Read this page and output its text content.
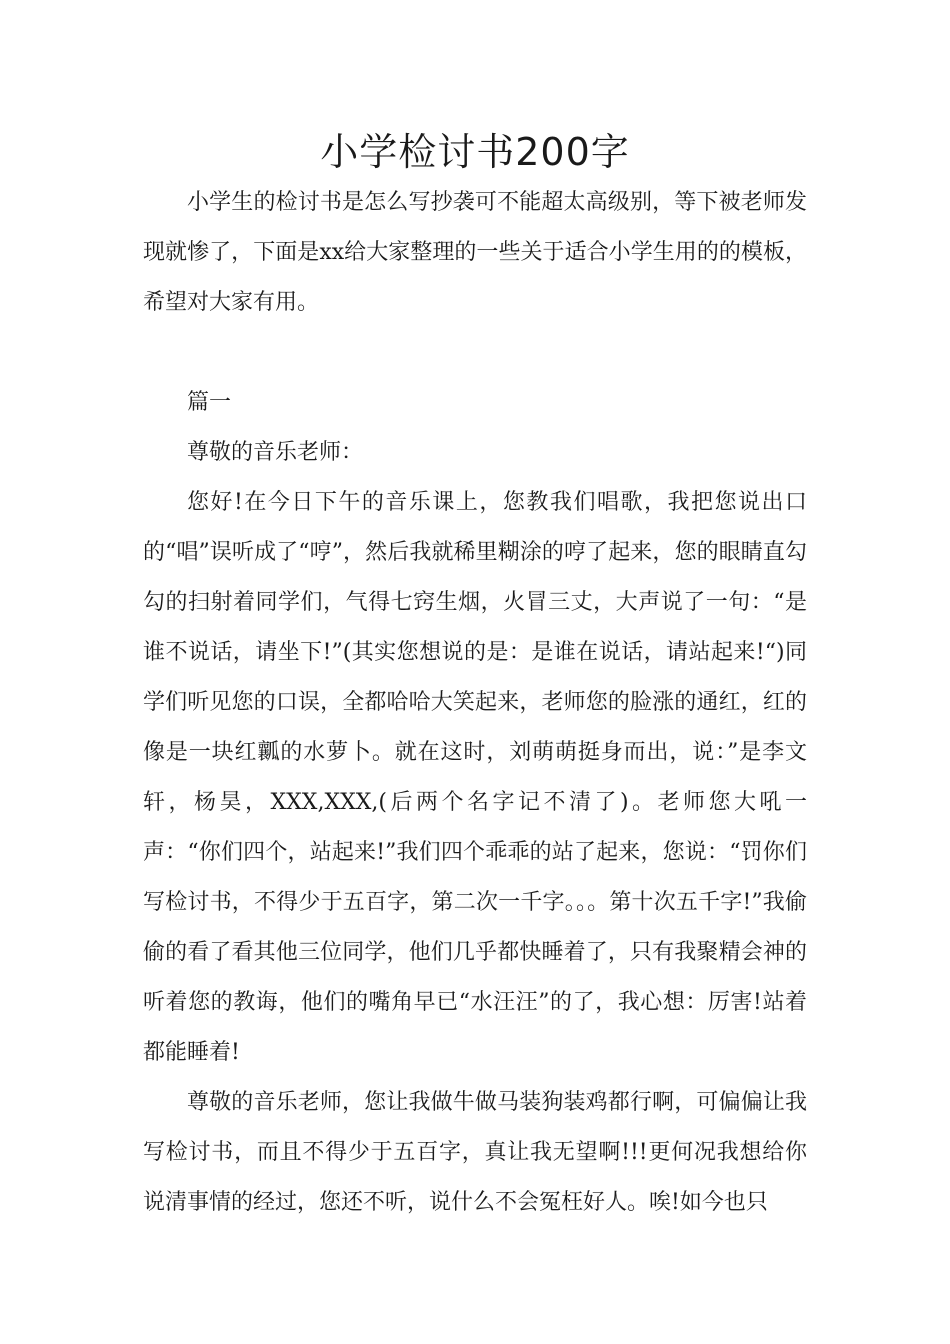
小学检讨书200字

小学生的检讨书是怎么写抄袭可不能超太高级别，等下被老师发现就惨了，下面是xx给大家整理的一些关于适合小学生用的的模板，希望对大家有用。

篇一

尊敬的音乐老师：

您好!在今日下午的音乐课上，您教我们唱歌，我把您说出口的“唱”误听成了“哼”，然后我就稀里糊涂的哼了起来，您的眼睛直勾勾的扫射着同学们，气得七窍生烟，火冒三丈，大声说了一句：“是谁不说话，请坐下!”(其实您想说的是：是谁在说话，请站起来!“)同学们听见您的口误，全都哈哈大笑起来，老师您的脸涨的通红，红的像是一块红瓤的水萝卜。就在这时，刘萌萌挺身而出，说：”是李文轩，杨昊，XXX,XXX,(后两个名字记不清了)。老师您大吼一声：“你们四个，站起来!”我们四个乖乖的站了起来，您说：“罚你们写检讨书，不得少于五百字，第二次一千字。。。第十次五千字!”我偷偷的看了看其他三位同学，他们几乎都快睡着了，只有我聚精会神的听着您的教诲，他们的嘴角早已“水汪汪”的了，我心想：厉害!站着都能睡着!

尊敬的音乐老师，您让我做牛做马装狗装鸡都行啊，可偏偏让我写检讨书，而且不得少于五百字，真让我无望啊!!!更何况我想给你说清事情的经过，您还不听，说什么不会冤枉好人。唉!如今也只
